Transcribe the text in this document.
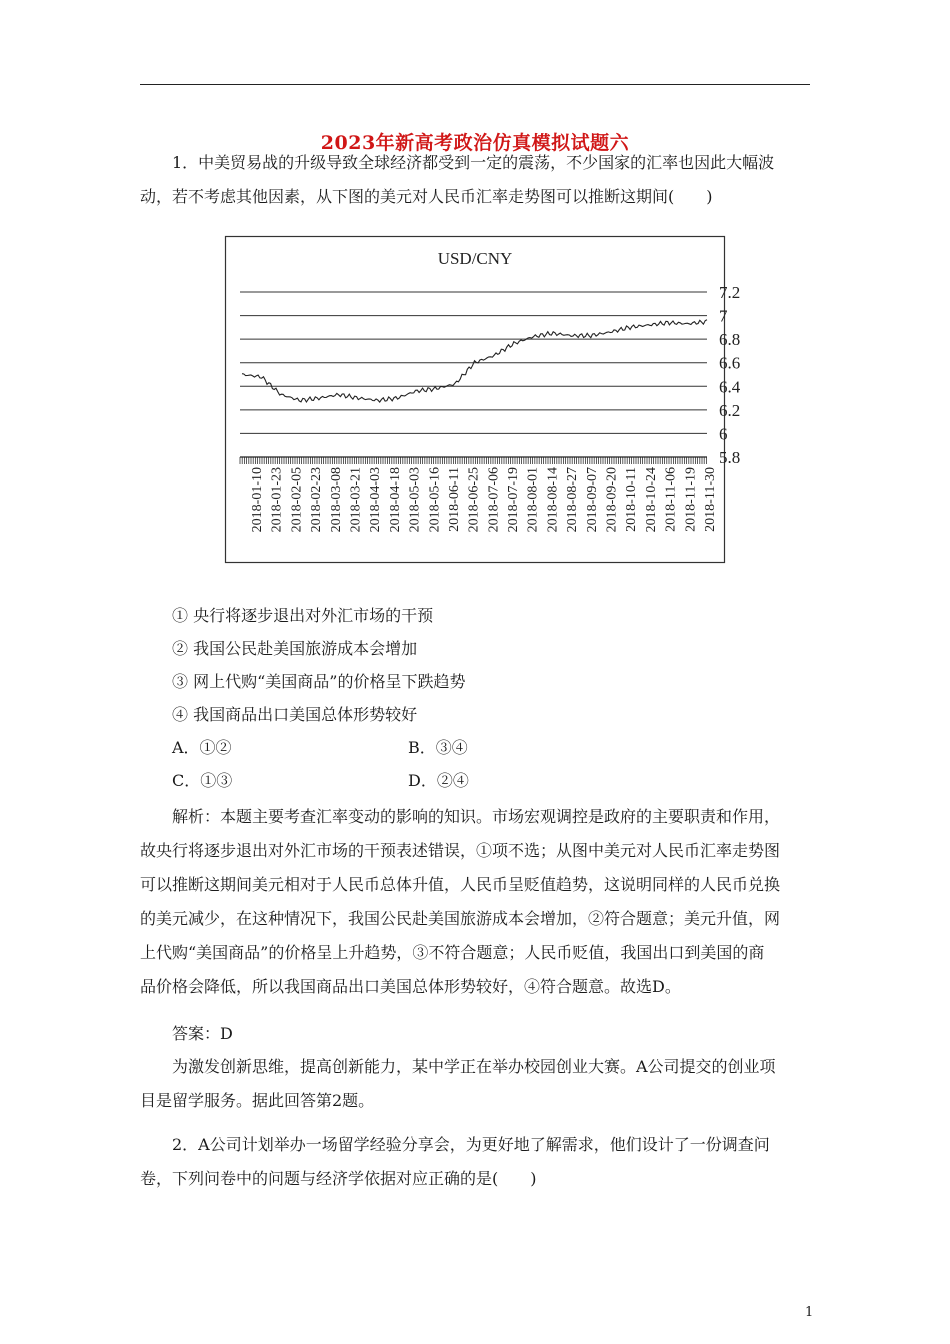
2023年新高考政治仿真模拟试题六
1．中美贸易战的升级导致全球经济都受到一定的震荡，不少国家的汇率也因此大幅波
动，若不考虑其他因素，从下图的美元对人民币汇率走势图可以推断这期间(　　)
USD/CNY
7.2
7
6.8
6.6
6.4
6.2
6
5.8
2018-01-10 2018-01-23 2018-02-05 2018-02-23 2018-03-08 2018-03-21 2018-04-03 2018-04-18 2018-05-03 2018-05-16 2018-06-11 2018-06-25 2018-07-06 2018-07-19 2018-08-01 2018-08-14 2018-08-27 2018-09-07 2018-09-20 2018-10-11 2018-10-24 2018-11-06 2018-11-19 2018-11-30
① 央行将逐步退出对外汇市场的干预
② 我国公民赴美国旅游成本会增加
③ 网上代购“美国商品”的价格呈下跌趋势
④ 我国商品出口美国总体形势较好
A．①②	B．③④
C．①③	D．②④
解析：本题主要考查汇率变动的影响的知识。市场宏观调控是政府的主要职责和作用，
故央行将逐步退出对外汇市场的干预表述错误，①项不选；从图中美元对人民币汇率走势图
可以推断这期间美元相对于人民币总体升值，人民币呈贬值趋势，这说明同样的人民币兑换
的美元减少，在这种情况下，我国公民赴美国旅游成本会增加，②符合题意；美元升值，网
上代购“美国商品”的价格呈上升趋势，③不符合题意；人民币贬值，我国出口到美国的商
品价格会降低，所以我国商品出口美国总体形势较好，④符合题意。故选D。
答案：D
为激发创新思维，提高创新能力，某中学正在举办校园创业大赛。A公司提交的创业项
目是留学服务。据此回答第2题。
2．A公司计划举办一场留学经验分享会，为更好地了解需求，他们设计了一份调查问
卷，下列问卷中的问题与经济学依据对应正确的是(　　)
1
